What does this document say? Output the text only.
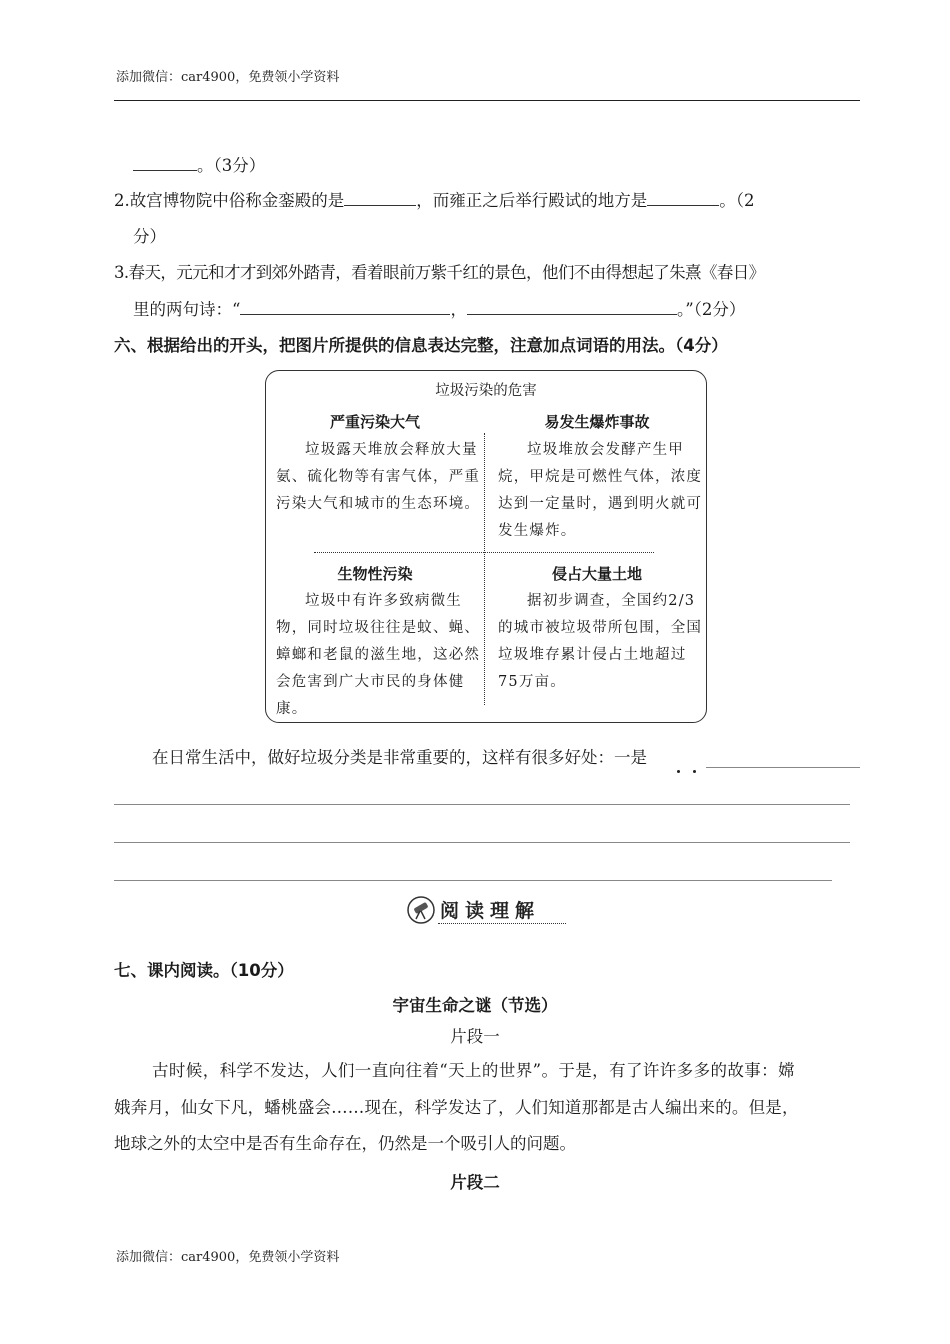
添加微信：car4900，免费领小学资料
。（3分）
2.故宫博物院中俗称金銮殿的是	，而雍正之后举行殿试的地方是	。（2
分）
3.春天，元元和才才到郊外踏青，看着眼前万紫千红的景色，他们不由得想起了朱熹《春日》
里的两句诗：“	，	。”（2分）
六、根据给出的开头，把图片所提供的信息表达完整，注意加点词语的用法。（4分）
垃圾污染的危害
严重污染大气
垃圾露天堆放会释放大量氨、硫化物等有害气体，严重污染大气和城市的生态环境。
易发生爆炸事故
垃圾堆放会发酵产生甲烷，甲烷是可燃性气体，浓度达到一定量时，遇到明火就可发生爆炸。
生物性污染
垃圾中有许多致病微生物，同时垃圾往往是蚊、蝇、蟑螂和老鼠的滋生地，这必然会危害到广大市民的身体健康。
侵占大量土地
据初步调查，全国约2/3的城市被垃圾带所包围，全国垃圾堆存累计侵占土地超过75万亩。
在日常生活中，做好垃圾分类是非常重要的，这样有很多好处：一是
阅读理解
七、课内阅读。（10分）
宇宙生命之谜（节选）
片段一
古时候，科学不发达，人们一直向往着“天上的世界”。于是，有了许许多多的故事：嫦
娥奔月，仙女下凡，蟠桃盛会……现在，科学发达了，人们知道那都是古人编出来的。但是，
地球之外的太空中是否有生命存在，仍然是一个吸引人的问题。
片段二
添加微信：car4900，免费领小学资料
